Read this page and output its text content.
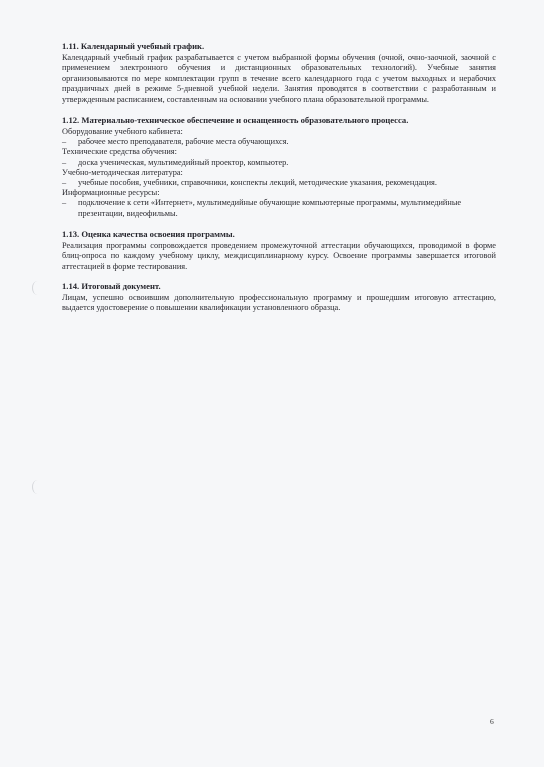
1.11. Календарный учебный график.

Календарный учебный график разрабатывается с учетом выбранной формы обучения (очной, очно-заочной, заочной с применением электронного обучения и дистанционных образовательных технологий). Учебные занятия организовываются по мере комплектации групп в течение всего календарного года с учетом выходных и нерабочих праздничных дней в режиме 5-дневной учебной недели. Занятия проводятся в соответствии с разработанным и утвержденным расписанием, составленным на основании учебного плана образовательной программы.

1.12. Материально-техническое обеспечение и оснащенность образовательного процесса.

Оборудование учебного кабинета:

– рабочее место преподавателя, рабочие места обучающихся.

Технические средства обучения:

– доска ученическая, мультимедийный проектор, компьютер.

Учебно-методическая литература:

– учебные пособия, учебники, справочники, конспекты лекций, методические указания, рекомендация.

Информационные ресурсы:

– подключение к сети «Интернет», мультимедийные обучающие компьютерные программы, мультимедийные презентации, видеофильмы.

1.13. Оценка качества освоения программы.

Реализация программы сопровождается проведением промежуточной аттестации обучающихся, проводимой в форме блиц-опроса по каждому учебному циклу, междисциплинарному курсу. Освоение программы завершается итоговой аттестацией в форме тестирования.

1.14. Итоговый документ.

Лицам, успешно освоившим дополнительную профессиональную программу и прошедшим итоговую аттестацию, выдается удостоверение о повышении квалификации установленного образца.

6
